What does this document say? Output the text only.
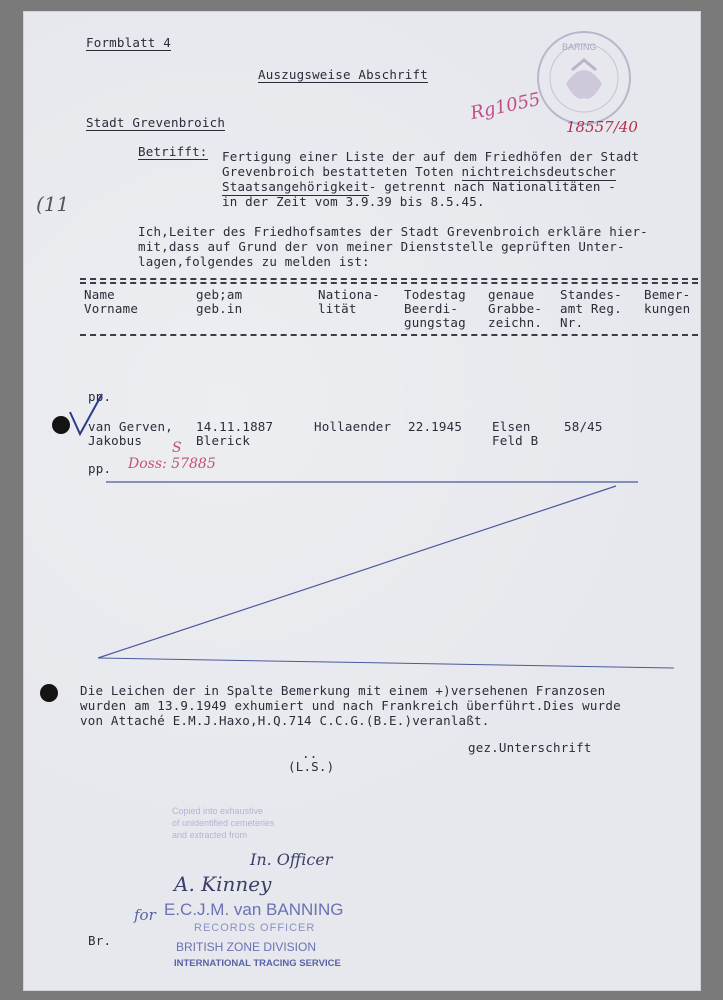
BARING
Formblatt 4
Auszugsweise Abschrift
Stadt Grevenbroich	Rg1055
18557/40
(11
Betrifft: Fertigung einer Liste der auf dem Friedhöfen der Stadt
Grevenbroich bestatteten Toten nichtreichsdeutscher
Staatsangehörigkeit- getrennt nach Nationalitäten -
in der Zeit vom 3.9.39 bis 8.5.45.
Ich,Leiter des Friedhofsamtes der Stadt Grevenbroich erkläre hier-
mit,dass auf Grund der von meiner Dienststelle geprüften Unter-
lagen,folgendes zu melden ist:
Name
Vorname
geb;am
geb.in
Nationa-
lität
Todestag
Beerdi-
gungstag
genaue
Grabbe-
zeichn.
Standes-
amt Reg.
Nr.
Bemer-
kungen
pp.
van Gerven,
Jakobus
14.11.1887
Blerick
S
Hollaender 22.1945 Elsen
Feld B
58/45
pp. Doss: 57885
Die Leichen der in Spalte Bemerkung mit einem +)versehenen Franzosen
wurden am 13.9.1949 exhumiert und nach Frankreich überführt.Dies wurde
von Attaché E.M.J.Haxo,H.Q.714 C.C.G.(B.E.)veranlaßt.
gez.Unterschrift
..
(L.S.)
Copied into exhaustive
of unidentified cemeteries
and extracted from
In. Officer
A. Kinney
for E.C.J.M. van BANNING
RECORDS OFFICER
BRITISH ZONE DIVISION
INTERNATIONAL TRACING SERVICE
Br.
